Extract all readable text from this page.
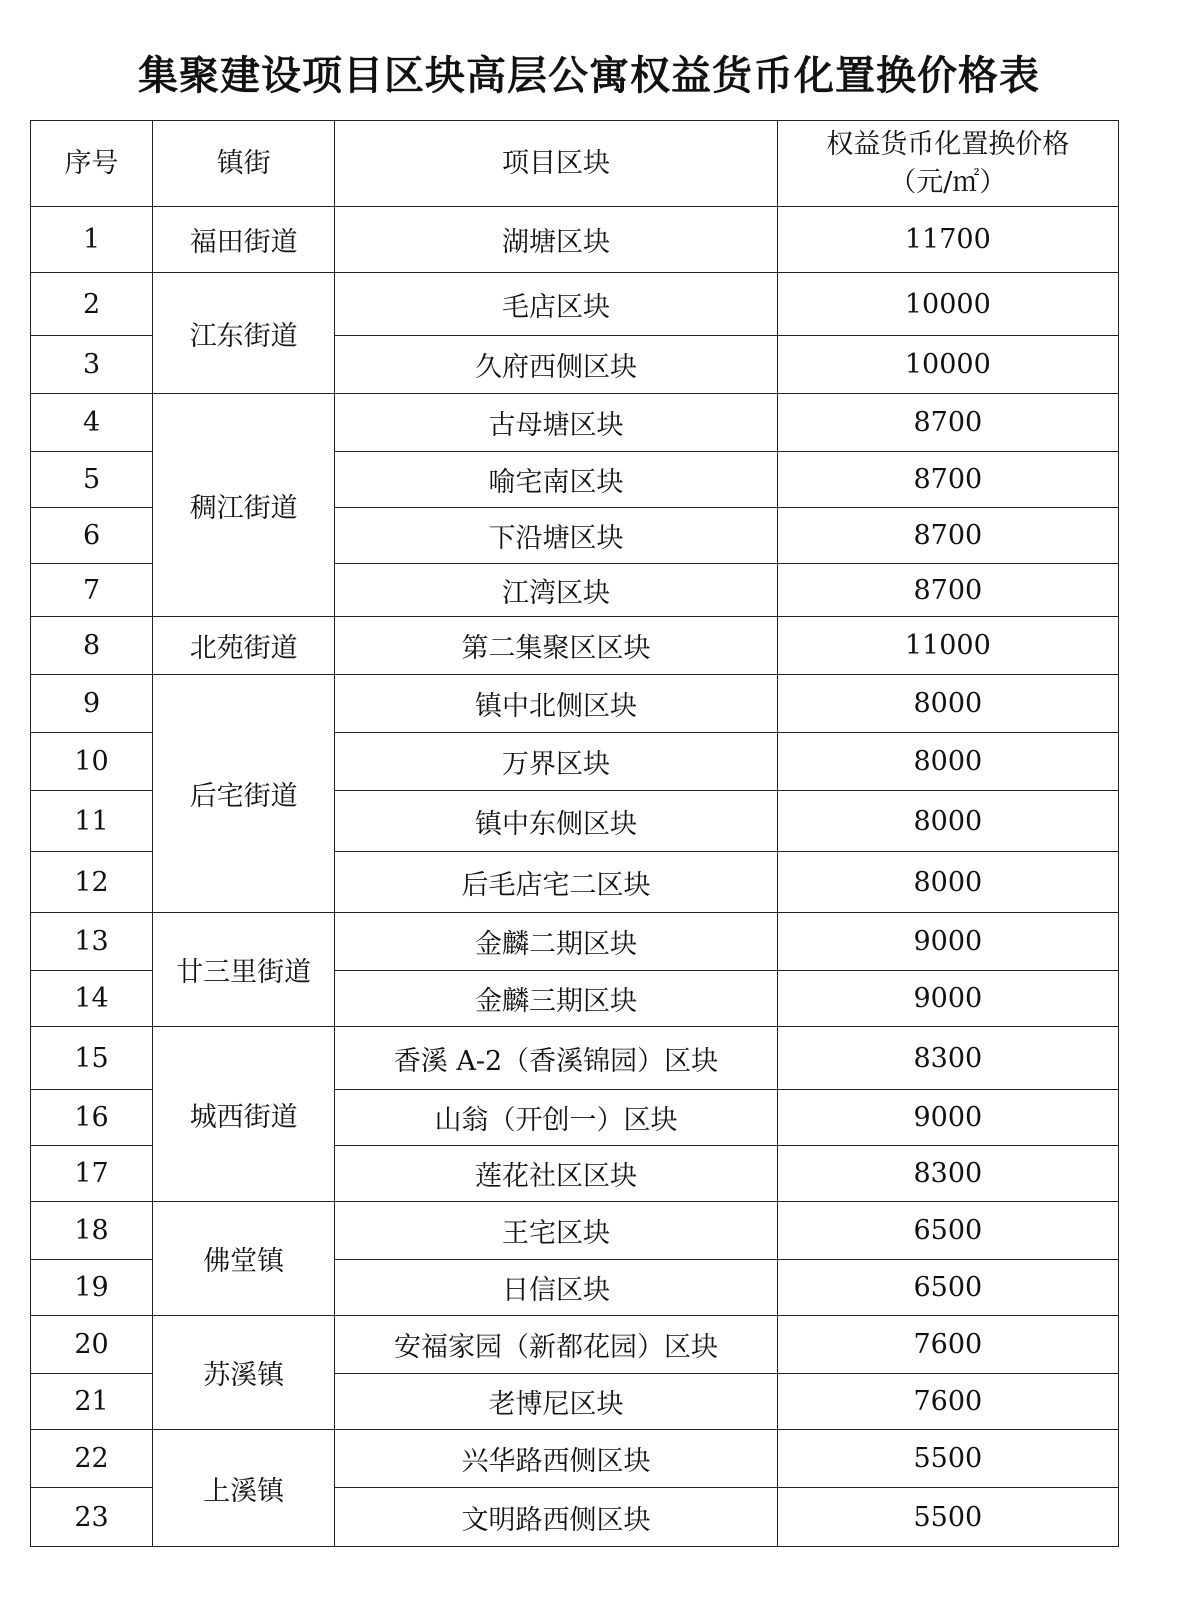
集聚建设项目区块高层公寓权益货币化置换价格表
序号	镇街	项目区块	权益货币化置换价格
（元/㎡）

1	福田街道	湖塘区块	11700
2	江东街道	毛店区块	10000
3		久府西侧区块	10000
4	稠江街道	古母塘区块	8700
5		喻宅南区块	8700
6		下沿塘区块	8700
7		江湾区块	8700
8	北苑街道	第二集聚区区块	11000
9	后宅街道	镇中北侧区块	8000
10		万界区块	8000
11		镇中东侧区块	8000
12		后毛店宅二区块	8000
13	廿三里街道	金麟二期区块	9000
14		金麟三期区块	9000
15	城西街道	香溪 A-2（香溪锦园）区块	8300
16		山翁（开创一）区块	9000
17		莲花社区区块	8300
18	佛堂镇	王宅区块	6500
19		日信区块	6500
20	苏溪镇	安福家园（新都花园）区块	7600
21		老博尼区块	7600
22	上溪镇	兴华路西侧区块	5500
23		文明路西侧区块	5500
